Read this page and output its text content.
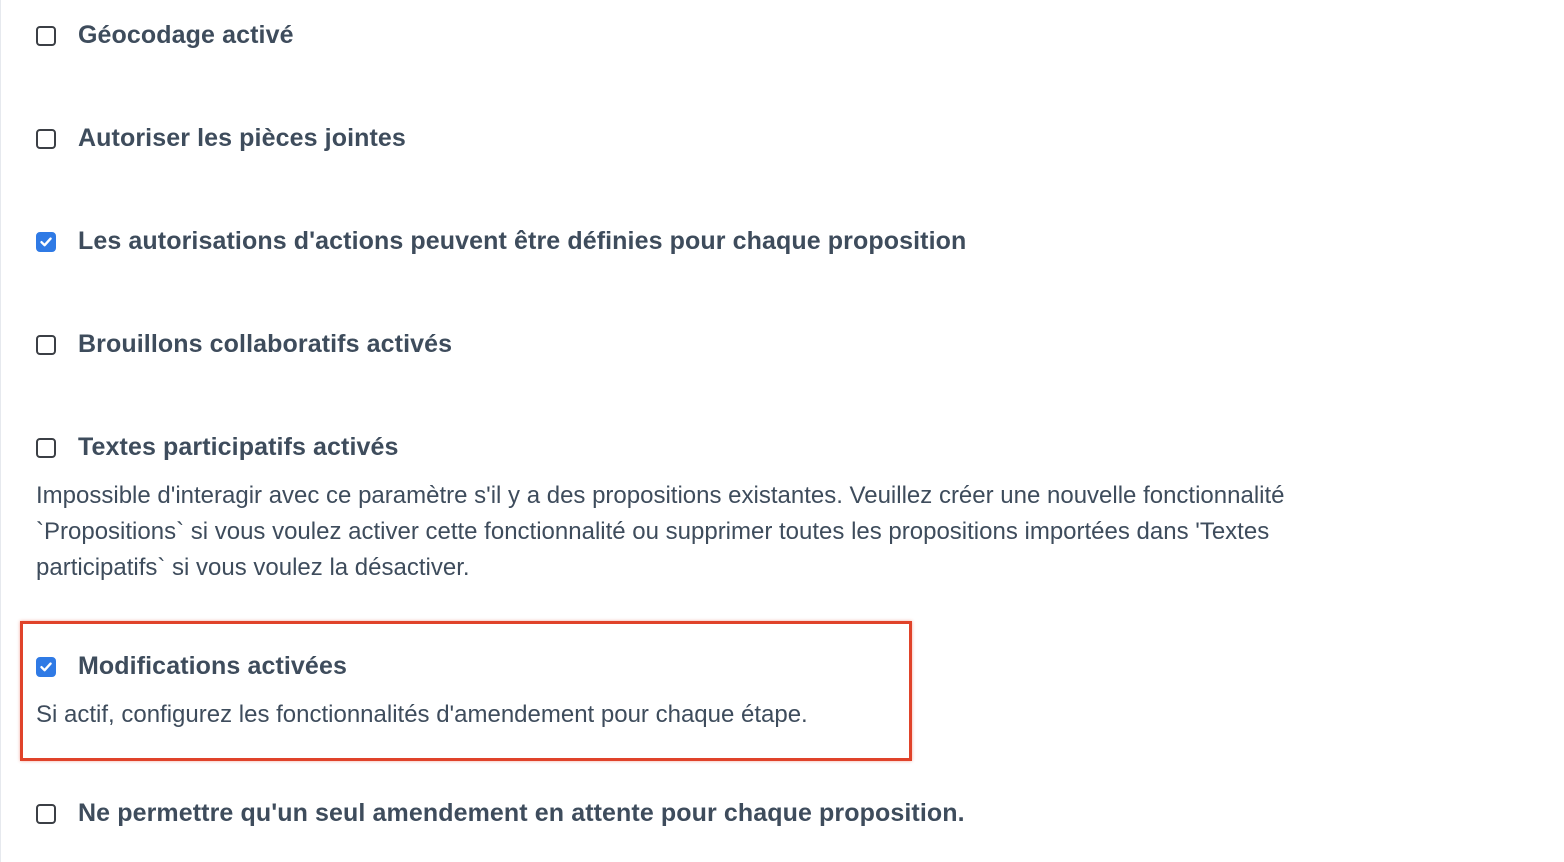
Géocodage activé
Autoriser les pièces jointes
Les autorisations d'actions peuvent être définies pour chaque proposition
Brouillons collaboratifs activés
Textes participatifs activés
Impossible d'interagir avec ce paramètre s'il y a des propositions existantes. Veuillez créer une nouvelle fonctionnalité
`Propositions` si vous voulez activer cette fonctionnalité ou supprimer toutes les propositions importées dans 'Textes
participatifs` si vous voulez la désactiver.
Modifications activées
Si actif, configurez les fonctionnalités d'amendement pour chaque étape.
Ne permettre qu'un seul amendement en attente pour chaque proposition.
